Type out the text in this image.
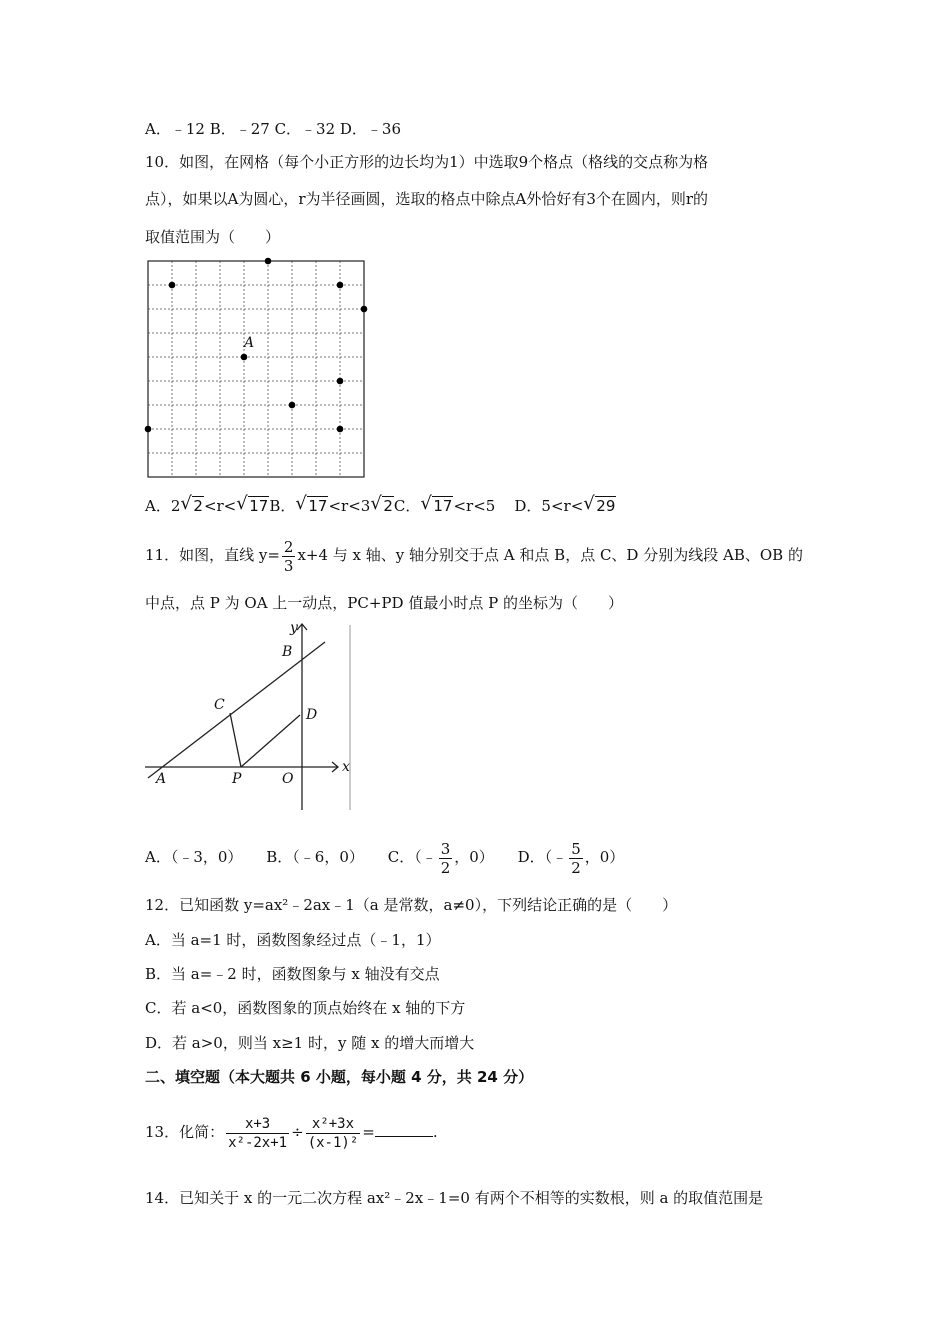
A．﹣12 B．﹣27 C．﹣32 D．﹣36
10．如图，在网格（每个小正方形的边长均为1）中选取9个格点（格线的交点称为格
点），如果以A为圆心，r为半径画圆，选取的格点中除点A外恰好有3个在圆内，则r的
取值范围为（　　）
A
A．2 √ 2<r< √ 17B． √ 17<r<3 √ 2C． √ 17<r<5 D．5<r< √ 29
11．如图，直线 $y= \frac{2}{3} x+4$ 与 x 轴、y 轴分别交于点 A 和点 B，点 C、D 分别为线段 AB、OB 的
中点，点 P 为 OA 上一动点，PC+PD 值最小时点 P 的坐标为（　　）
y
x
A
B
C
D
P	O
A．（﹣3，0） B．（﹣6，0） C．（﹣ $\frac{3}{2}$ ，0） D．（﹣ $\frac{5}{2}$ ，0）
12．已知函数 y=ax²﹣2ax﹣1（a 是常数，a≠0），下列结论正确的是（　　）
A．当 a=1 时，函数图象经过点（﹣1，1）
B．当 a=﹣2 时，函数图象与 x 轴没有交点
C．若 a<0，函数图象的顶点始终在 x 轴的下方
D．若 a>0，则当 x≥1 时，y 随 x 的增大而增大
二、填空题（本大题共 6 小题，每小题 4 分，共 24 分）
13．化简： $\frac{x+3}{\text{x²-2x+1}} \div \frac{\text{x²+3x}}{\text{(x-1)²}}$ =	.
14．已知关于 x 的一元二次方程 ax²﹣2x﹣1=0 有两个不相等的实数根，则 a 的取值范围是
